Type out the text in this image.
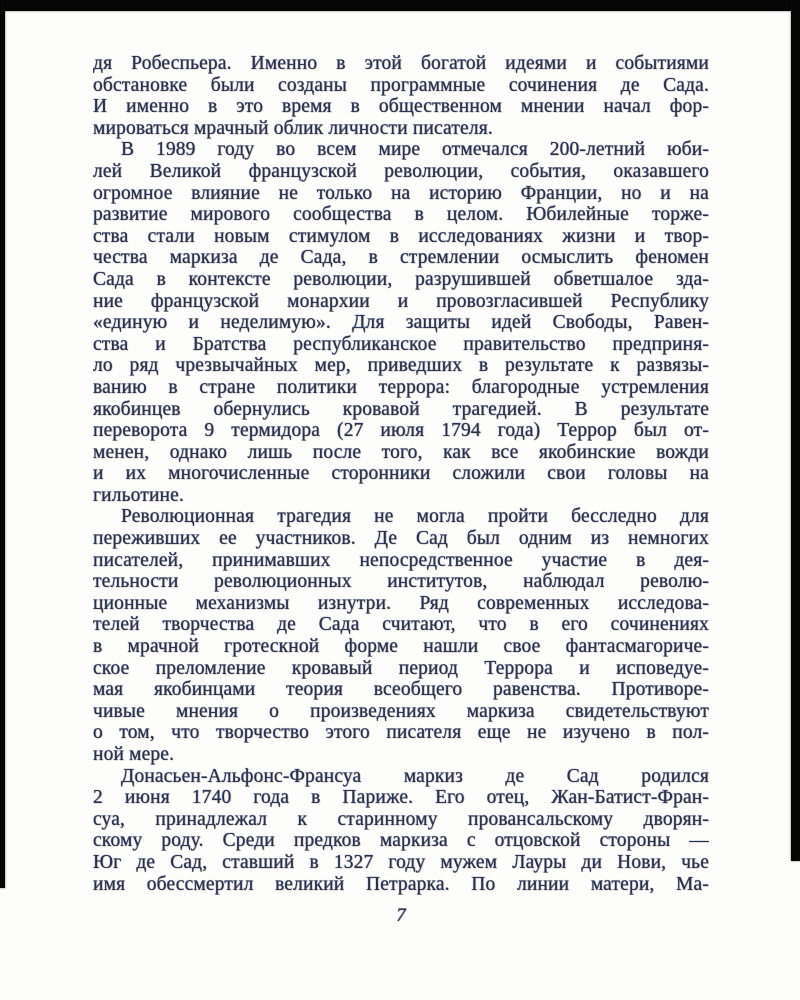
дя Робеспьера. Именно в этой богатой идеями и событиями
обстановке были созданы программные сочинения де Сада.
И именно в это время в общественном мнении начал фор-
мироваться мрачный облик личности писателя.
В 1989 году во всем мире отмечался 200-летний юби-
лей Великой французской революции, события, оказавшего
огромное влияние не только на историю Франции, но и на
развитие мирового сообщества в целом. Юбилейные торже-
ства стали новым стимулом в исследованиях жизни и твор-
чества маркиза де Сада, в стремлении осмыслить феномен
Сада в контексте революции, разрушившей обветшалое зда-
ние французской монархии и провозгласившей Республику
«единую и неделимую». Для защиты идей Свободы, Равен-
ства и Братства республиканское правительство предприня-
ло ряд чрезвычайных мер, приведших в результате к развязы-
ванию в стране политики террора: благородные устремления
якобинцев обернулись кровавой трагедией. В результате
переворота 9 термидора (27 июля 1794 года) Террор был от-
менен, однако лишь после того, как все якобинские вожди
и их многочисленные сторонники сложили свои головы на
гильотине.
Революционная трагедия не могла пройти бесследно для
переживших ее участников. Де Сад был одним из немногих
писателей, принимавших непосредственное участие в дея-
тельности революционных институтов, наблюдал револю-
ционные механизмы изнутри. Ряд современных исследова-
телей творчества де Сада считают, что в его сочинениях
в мрачной гротескной форме нашли свое фантасмагориче-
ское преломление кровавый период Террора и исповедуе-
мая якобинцами теория всеобщего равенства. Противоре-
чивые мнения о произведениях маркиза свидетельствуют
о том, что творчество этого писателя еще не изучено в пол-
ной мере.
Донасьен-Альфонс-Франсуа маркиз де Сад родился
2 июня 1740 года в Париже. Его отец, Жан-Батист-Фран-
суа, принадлежал к старинному провансальскому дворян-
скому роду. Среди предков маркиза с отцовской стороны —
Юг де Сад, ставший в 1327 году мужем Лауры ди Нови, чье
имя обессмертил великий Петрарка. По линии матери, Ма-
7
